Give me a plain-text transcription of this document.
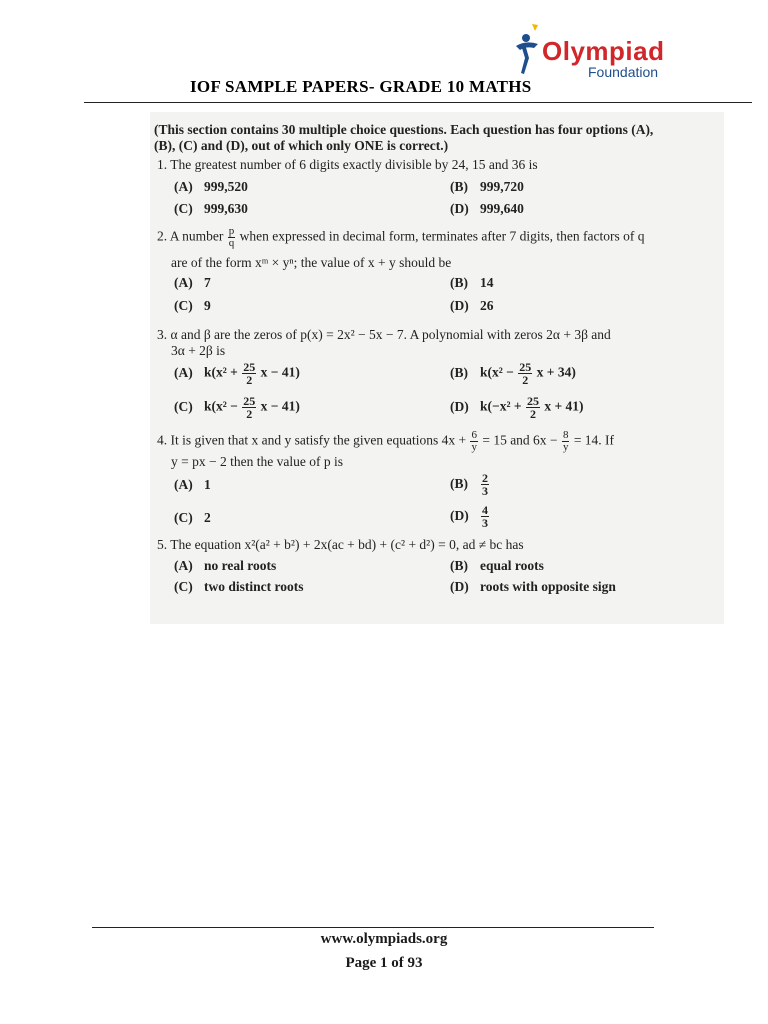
Olympiad
Foundation
IOF SAMPLE PAPERS- GRADE 10 MATHS
(This section contains 30 multiple choice questions. Each question has four options (A),
(B), (C) and (D), out of which only ONE is correct.)
1. The greatest number of 6 digits exactly divisible by 24, 15 and 36 is
(A) 999,520	(B) 999,720
(C) 999,630	(D) 999,640
2. A number $\frac{p}{q}$ when expressed in decimal form, terminates after 7 digits, then factors of q
are of the form xᵐ × yⁿ; the value of x + y should be
(A) 7	(B) 14
(C) 9	(D) 26
3. α and β are the zeros of p(x) = 2x² − 5x − 7. A polynomial with zeros 2α + 3β and
3α + 2β is
(A) $k(x^2 + \frac{25}{2}$ x − 41)	(B) $k(x^2 - \frac{25}{2}$ x + 34)
(C) $k(x^2 - \frac{25}{2}$ x − 41)	(D) $k(-x^2 + \frac{25}{2}$ x + 41)
4. It is given that x and y satisfy the given equations $4x + \frac{6}{y} = 15$ and $6x - \frac{8}{y} = 14$. If
y = px − 2 then the value of p is
(A) 1	$(B) \frac{2}{3}$
(C) 2	$(D) \frac{4}{3}$
5. The equation x²(a² + b²) + 2x(ac + bd) + (c² + d²) = 0, ad ≠ bc has
(A) no real roots	(B) equal roots
(C) two distinct roots	(D) roots with opposite sign
www.olympiads.org
Page 1 of 93
